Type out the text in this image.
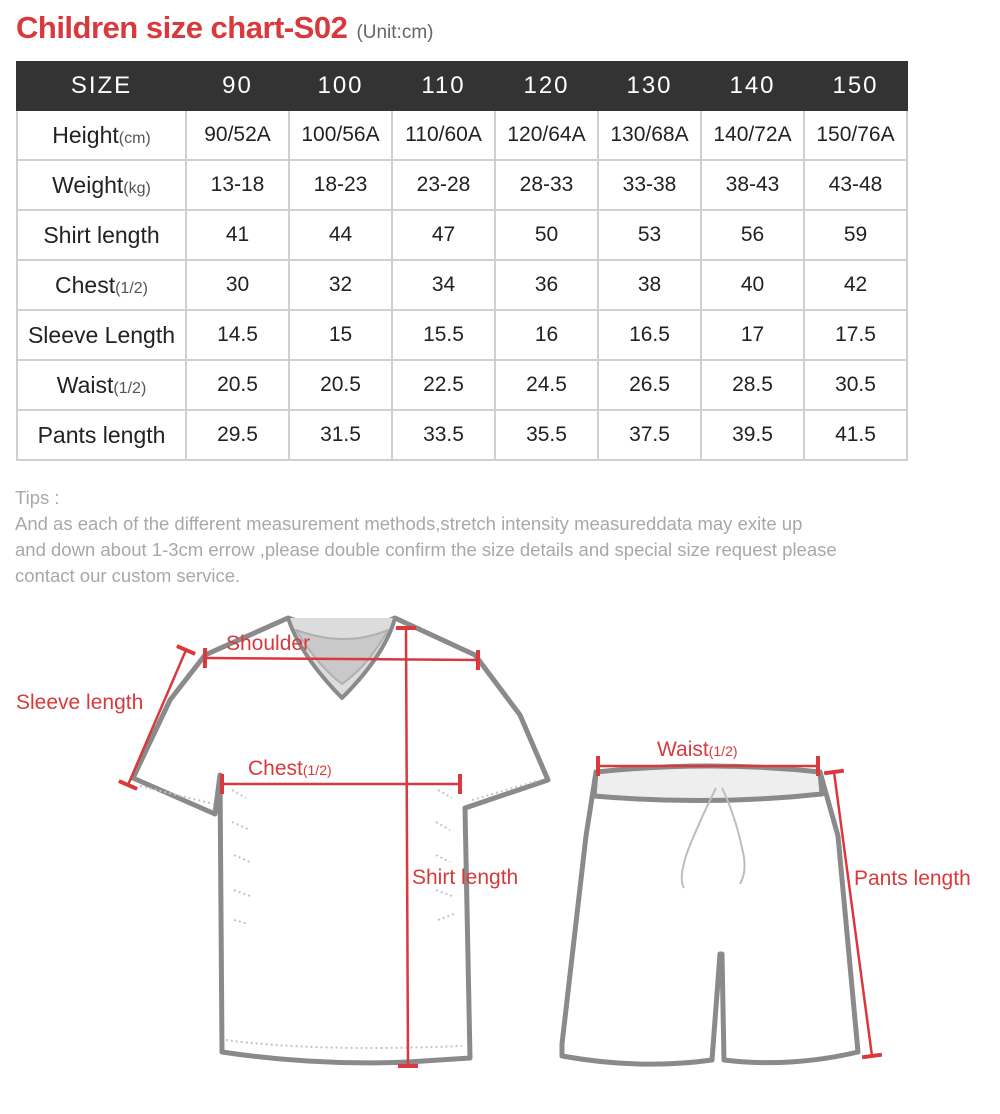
Children size chart-S02 (Unit:cm)
SIZE	90	100	110	120	130	140	150
Height(cm)	90/52A	100/56A	110/60A	120/64A	130/68A	140/72A	150/76A
Weight(kg)	13-18	18-23	23-28	28-33	33-38	38-43	43-48
Shirt length	41	44	47	50	53	56	59
Chest(1/2)	30	32	34	36	38	40	42
Sleeve Length	14.5	15	15.5	16	16.5	17	17.5
Waist(1/2)	20.5	20.5	22.5	24.5	26.5	28.5	30.5
Pants length	29.5	31.5	33.5	35.5	37.5	39.5	41.5

Tips :

And as each of the different measurement methods,stretch intensity measureddata may exite up

and down about 1-3cm errow ,please double confirm the size details and special size request please

contact our custom service.

Shoulder
Sleeve length
Chest(1/2)
Shirt length
Waist(1/2)
Pants length
